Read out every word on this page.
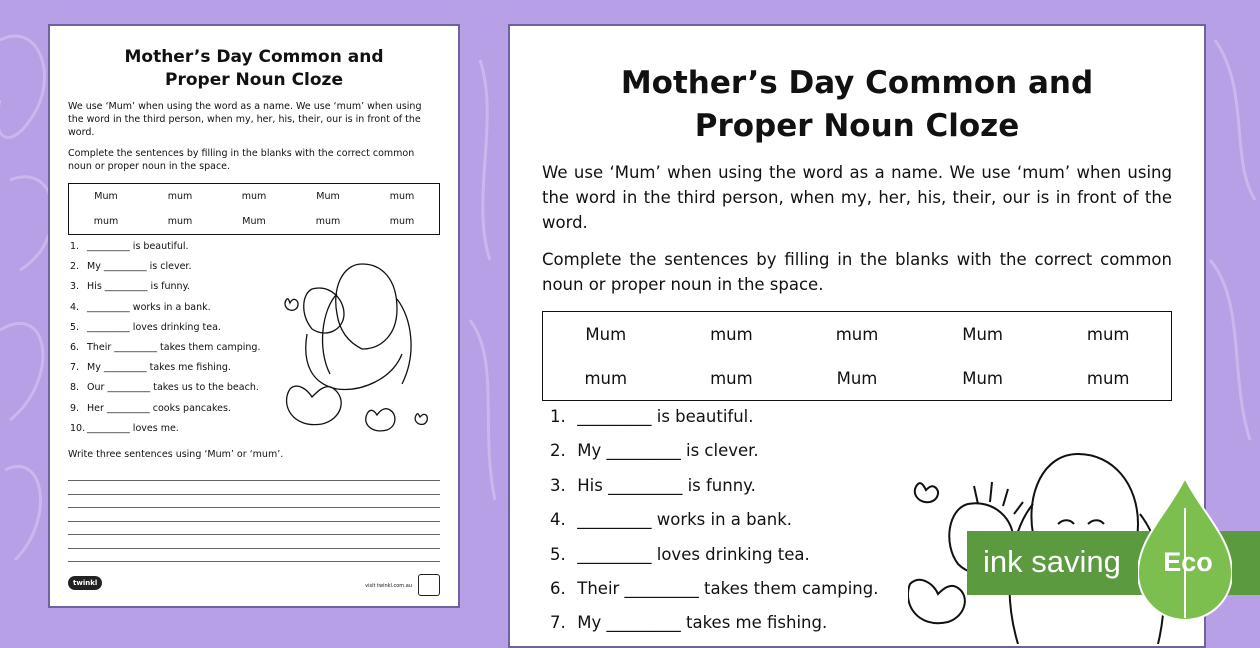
Mother’s Day Common and
Proper Noun Cloze
We use ‘Mum’ when using the word as a name. We use ‘mum’ when using the word in the third person, when my, her, his, their, our is in front of the word.
Complete the sentences by filling in the blanks with the correct common noun or proper noun in the space.
Mum	mum	mum	Mum	mum
mum	mum	Mum	mum	mum
1. _________ is beautiful.
2. My _________ is clever.
3. His _________ is funny.
4. _________ works in a bank.
5. _________ loves drinking tea.
6. Their _________ takes them camping.
7. My _________ takes me fishing.
8. Our _________ takes us to the beach.
9. Her _________ cooks pancakes.
10. _________ loves me.
Write three sentences using ‘Mum’ or ‘mum’.
twinkl	visit twinkl.com.au
Mother’s Day Common and
Proper Noun Cloze
We use ‘Mum’ when using the word as a name. We use ‘mum’ when using the word in the third person, when my, her, his, their, our is in front of the word.
Complete the sentences by filling in the blanks with the correct common noun or proper noun in the space.
Mum	mum	mum	Mum	mum
mum	mum	Mum	Mum	mum
1. _________ is beautiful.
2. My _________ is clever.
3. His _________ is funny.
4. _________ works in a bank.
5. _________ loves drinking tea.
6. Their _________ takes them camping.
7. My _________ takes me fishing.
ink saving Eco
